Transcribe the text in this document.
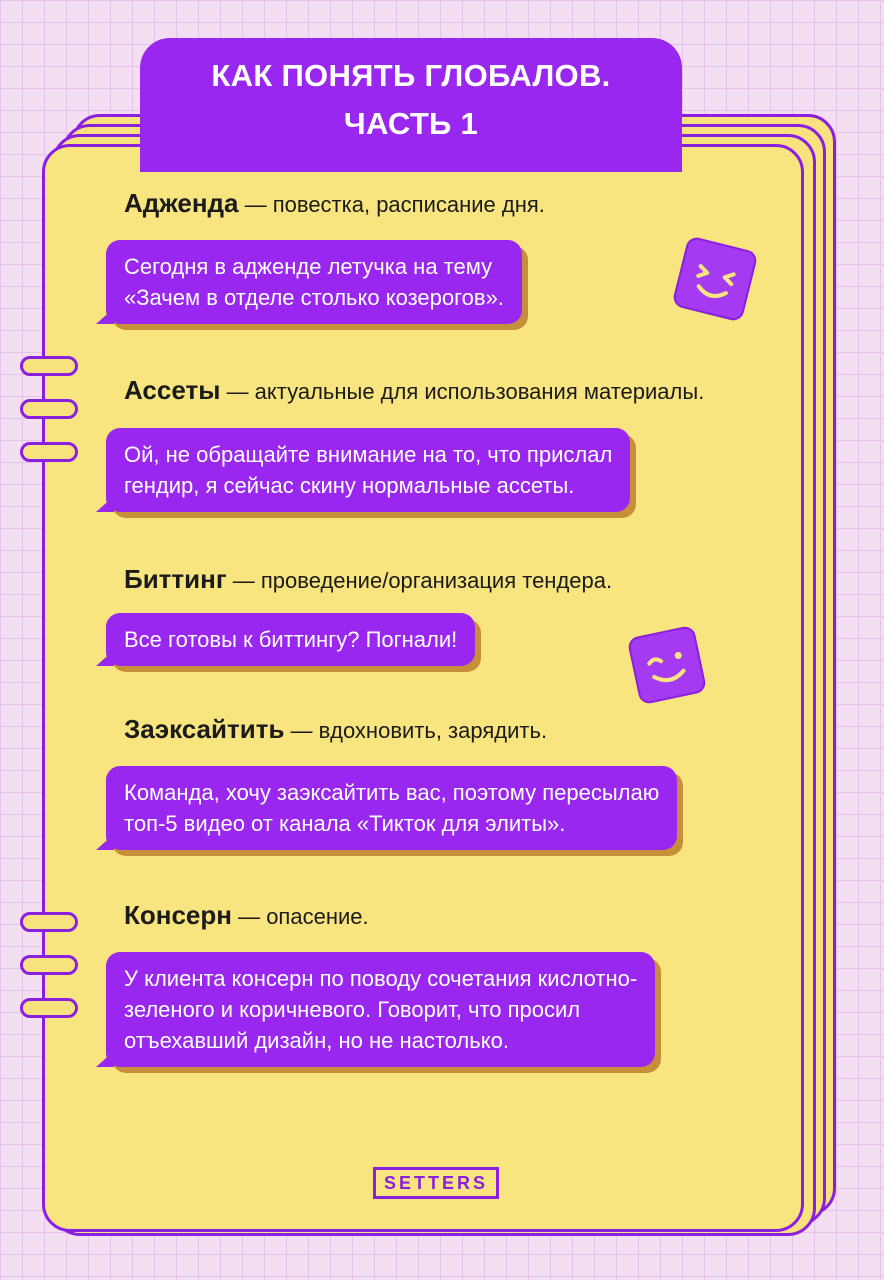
КАК ПОНЯТЬ ГЛОБАЛОВ.
ЧАСТЬ 1
Адженда — повестка, расписание дня.
Сегодня в адженде летучка на тему
«Зачем в отделе столько козерогов».
Ассеты — актуальные для использования материалы.
Ой, не обращайте внимание на то, что прислал
гендир, я сейчас скину нормальные ассеты.
Биттинг — проведение/организация тендера.
Все готовы к биттингу? Погнали!
Заэксайтить — вдохновить, зарядить.
Команда, хочу заэксайтить вас, поэтому пересылаю
топ-5 видео от канала «Тикток для элиты».
Консерн — опасение.
У клиента консерн по поводу сочетания кислотно-
зеленого и коричневого. Говорит, что просил
отъехавший дизайн, но не настолько.
SETTERS
